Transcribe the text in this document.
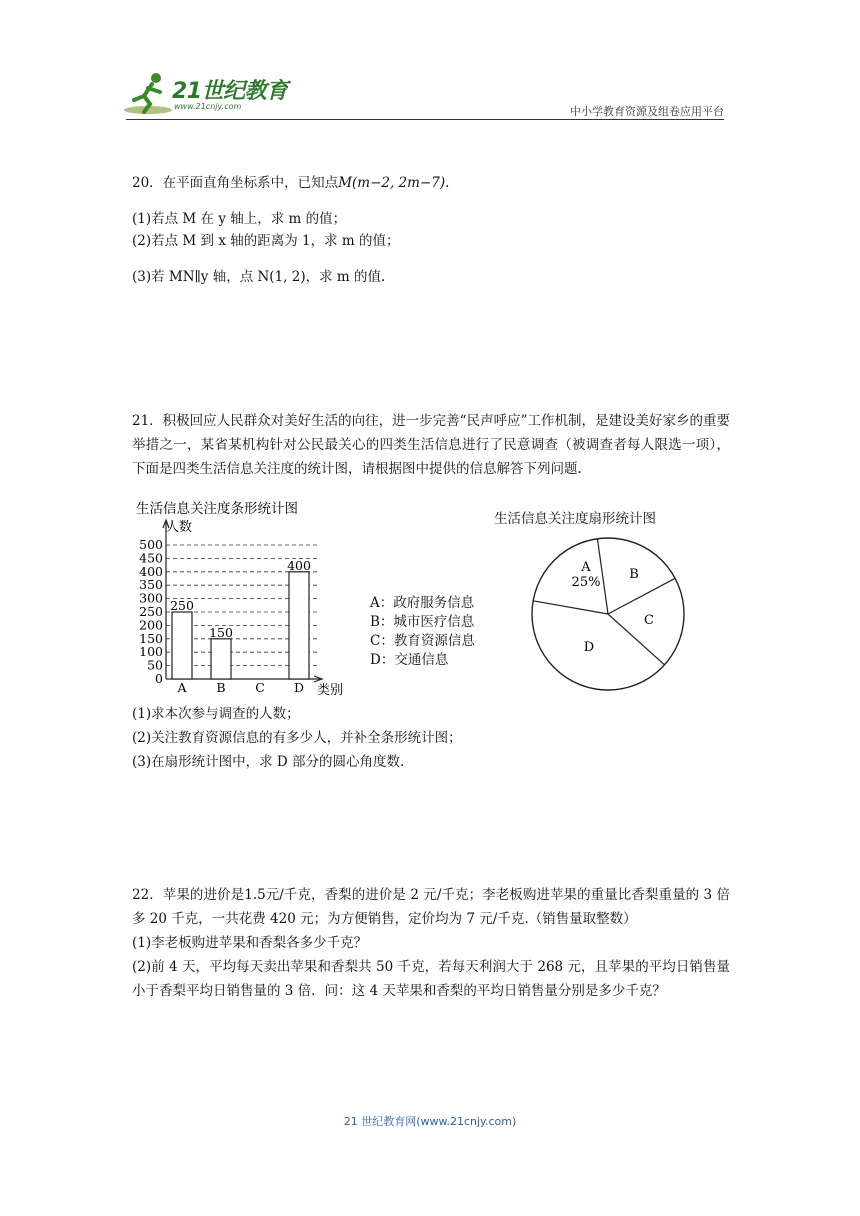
21世纪教育
www.21cnjy.com	中小学教育资源及组卷应用平台
20．在平面直角坐标系中，已知点M(m−2, 2m−7).
(1)若点 M 在 y 轴上，求 m 的值；
(2)若点 M 到 x 轴的距离为 1，求 m 的值；
(3)若 MN∥y 轴，点 N(1, 2)，求 m 的值.
21．积极回应人民群众对美好生活的向往，进一步完善“民声呼应”工作机制，是建设美好家乡的重要举措之一，某省某机构针对公民最关心的四类生活信息进行了民意调查（被调查者每人限选一项），下面是四类生活信息关注度的统计图，请根据图中提供的信息解答下列问题.
生活信息关注度条形统计图
人数
类别
0
50
100
150
200
250
300
350
400
450
500
250
A
150
B C
400
D
A：政府服务信息
B：城市医疗信息
C：教育资源信息
D：交通信息
生活信息关注度扇形统计图
A
25%
B
C
D
(1)求本次参与调查的人数；
(2)关注教育资源信息的有多少人，并补全条形统计图；
(3)在扇形统计图中，求 D 部分的圆心角度数.
22．苹果的进价是1.5元/千克，香梨的进价是 2 元/千克；李老板购进苹果的重量比香梨重量的 3 倍多 20 千克，一共花费 420 元；为方便销售，定价均为 7 元/千克.（销售量取整数）
(1)李老板购进苹果和香梨各多少千克？
(2)前 4 天，平均每天卖出苹果和香梨共 50 千克，若每天利润大于 268 元，且苹果的平均日销售量小于香梨平均日销售量的 3 倍．问：这 4 天苹果和香梨的平均日销售量分别是多少千克？
21 世纪教育网(www.21cnjy.com)
